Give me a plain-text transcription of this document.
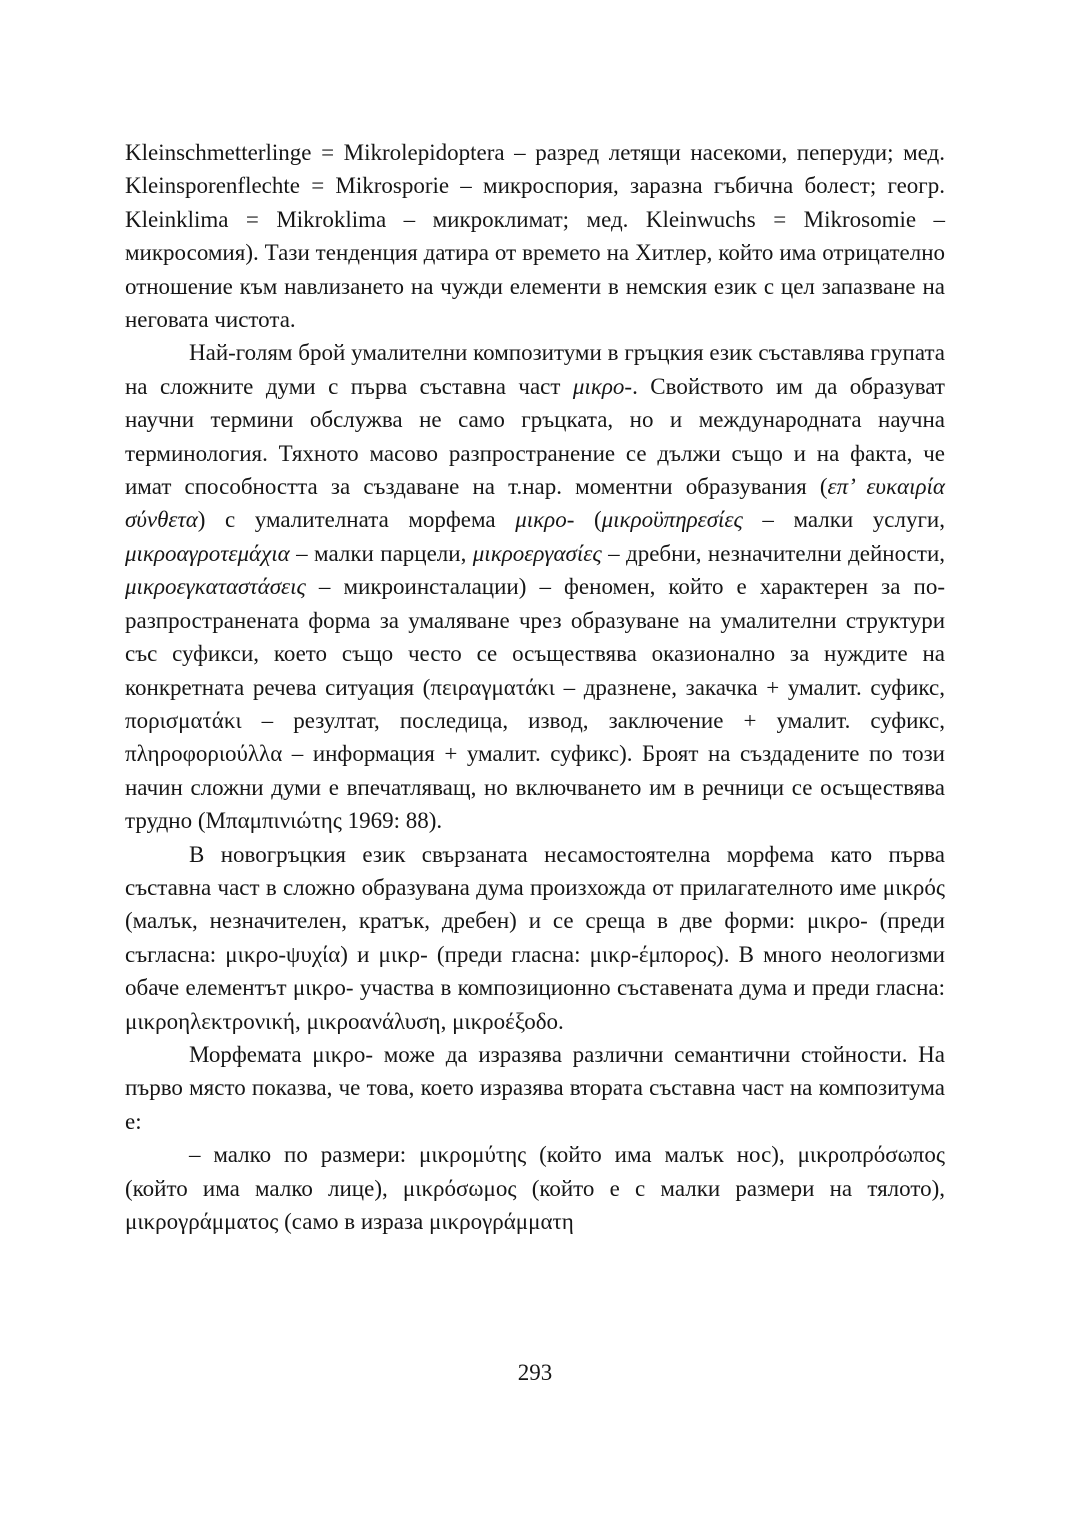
Kleinschmetterlinge = Mikrolepidoptera – разред летящи насекоми, пеперуди; мед. Kleinsporenflechte = Mikrosporie – микроспория, заразна гъбична болест; геогр. Kleinklima = Mikroklima – микроклимат; мед. Kleinwuchs = Mikrosomie – микросомия). Тази тенденция датира от времето на Хитлер, който има отрицателно отношение към навлизането на чужди елементи в немския език с цел запазване на неговата чистота.

Най-голям брой умалителни композитуми в гръцкия език съставлява групата на сложните думи с първа съставна част μικρο-. Свойството им да образуват научни термини обслужва не само гръцката, но и международната научна терминология. Тяхното масово разпространение се дължи също и на факта, че имат способността за създаване на т.нар. моментни образувания (επ’ ευκαιρία σύνθετα) с умалителната морфема μικρο- (μικροϋπηρεσίες – малки услуги, μικροαγροτεμάχια – малки парцели, μικροεργασίες – дребни, незначителни дейности, μικροεγκαταστάσεις – микроинсталации) – феномен, който е характерен за по-разпространената форма за умаляване чрез образуване на умалителни структури със суфикси, което също често се осъществява оказионално за нуждите на конкретната речева ситуация (πειραγματάκι – дразнене, закачка + умалит. суфикс, πορισματάκι – резултат, последица, извод, заключение + умалит. суфикс, πληροφοριούλλα – информация + умалит. суфикс). Броят на създадените по този начин сложни думи е впечатляващ, но включването им в речници се осъществява трудно (Μπαμπινιώτης 1969: 88).

В новогръцкия език свързаната несамостоятелна морфема като първа съставна част в сложно образувана дума произхожда от прилагателното име μικρός (малък, незначителен, кратък, дребен) и се среща в две форми: μικρο- (преди съгласна: μικρο-ψυχία) и μικρ- (преди гласна: μικρ-έμπορος). В много неологизми обаче елементът μικρο- участва в композиционно съставената дума и преди гласна: μικροηλεκτρονική, μικροανάλυση, μικροέξοδο.

Морфемата μικρο- може да изразява различни семантични стойности. На първо място показва, че това, което изразява втората съставна част на композитума е:

– малко по размери: μικρομύτης (който има малък нос), μικροπρόσωπος (който има малко лице), μικρόσωμος (който е с малки размери на тялото), μικρογράμματος (само в израза μικρογράμματη

293
